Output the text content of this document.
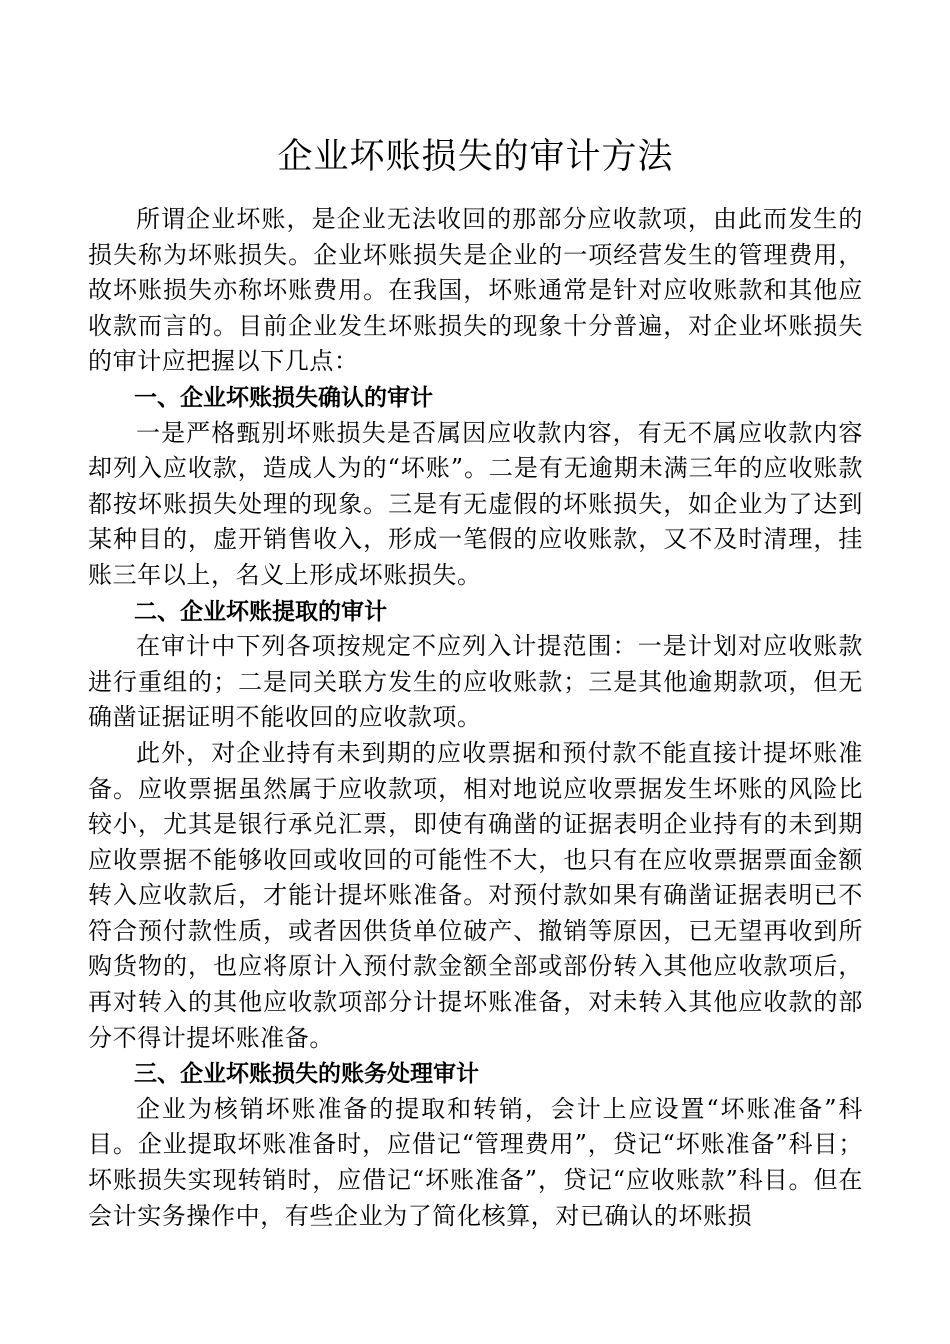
企业坏账损失的审计方法

所谓企业坏账，是企业无法收回的那部分应收款项，由此而发生的损失称为坏账损失。企业坏账损失是企业的一项经营发生的管理费用，故坏账损失亦称坏账费用。在我国，坏账通常是针对应收账款和其他应收款而言的。目前企业发生坏账损失的现象十分普遍，对企业坏账损失的审计应把握以下几点：

一、企业坏账损失确认的审计

一是严格甄别坏账损失是否属因应收款内容，有无不属应收款内容却列入应收款，造成人为的“坏账”。二是有无逾期未满三年的应收账款都按坏账损失处理的现象。三是有无虚假的坏账损失，如企业为了达到某种目的，虚开销售收入，形成一笔假的应收账款，又不及时清理，挂账三年以上，名义上形成坏账损失。

二、企业坏账提取的审计

在审计中下列各项按规定不应列入计提范围：一是计划对应收账款进行重组的；二是同关联方发生的应收账款；三是其他逾期款项，但无确凿证据证明不能收回的应收款项。

此外，对企业持有未到期的应收票据和预付款不能直接计提坏账准备。应收票据虽然属于应收款项，相对地说应收票据发生坏账的风险比较小，尤其是银行承兑汇票，即使有确凿的证据表明企业持有的未到期应收票据不能够收回或收回的可能性不大，也只有在应收票据票面金额转入应收款后，才能计提坏账准备。对预付款如果有确凿证据表明已不符合预付款性质，或者因供货单位破产、撤销等原因，已无望再收到所购货物的，也应将原计入预付款金额全部或部份转入其他应收款项后，再对转入的其他应收款项部分计提坏账准备，对未转入其他应收款的部分不得计提坏账准备。

三、企业坏账损失的账务处理审计

企业为核销坏账准备的提取和转销，会计上应设置“坏账准备”科目。企业提取坏账准备时，应借记“管理费用”，贷记“坏账准备”科目；坏账损失实现转销时，应借记“坏账准备”，贷记“应收账款”科目。但在会计实务操作中，有些企业为了简化核算，对已确认的坏账损
